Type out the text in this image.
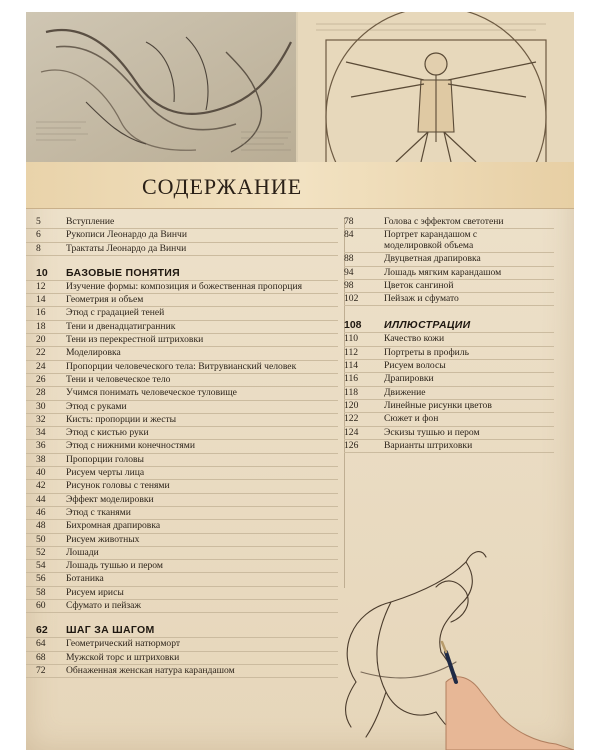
СОДЕРЖАНИЕ
5	Вступление
6	Рукописи Леонардо да Винчи
8	Трактаты Леонардо да Винчи
10	БАЗОВЫЕ ПОНЯТИЯ
12	Изучение формы: композиция и божественная пропорция
14	Геометрия и объем
16	Этюд с градацией теней
18	Тени и двенадцатигранник
20	Тени из перекрестной штриховки
22	Моделировка
24	Пропорции человеческого тела: Витрувианский человек
26	Тени и человеческое тело
28	Учимся понимать человеческое туловище
30	Этюд с руками
32	Кисть: пропорции и жесты
34	Этюд с кистью руки
36	Этюд с нижними конечностями
38	Пропорции головы
40	Рисуем черты лица
42	Рисунок головы с тенями
44	Эффект моделировки
46	Этюд с тканями
48	Бихромная драпировка
50	Рисуем животных
52	Лошади
54	Лошадь тушью и пером
56	Ботаника
58	Рисуем ирисы
60	Сфумато и пейзаж
62	ШАГ ЗА ШАГОМ
64	Геометрический натюрморт
68	Мужской торс и штриховки
72	Обнаженная женская натура карандашом
78	Голова с эффектом светотени
84	Портрет карандашом с моделировкой объема
88	Двуцветная драпировка
94	Лошадь мягким карандашом
98	Цветок сангиной
102	Пейзаж и сфумато
108	ИЛЛЮСТРАЦИИ
110	Качество кожи
112	Портреты в профиль
114	Рисуем волосы
116	Драпировки
118	Движение
120	Линейные рисунки цветов
122	Сюжет и фон
124	Эскизы тушью и пером
126	Варианты штриховки
